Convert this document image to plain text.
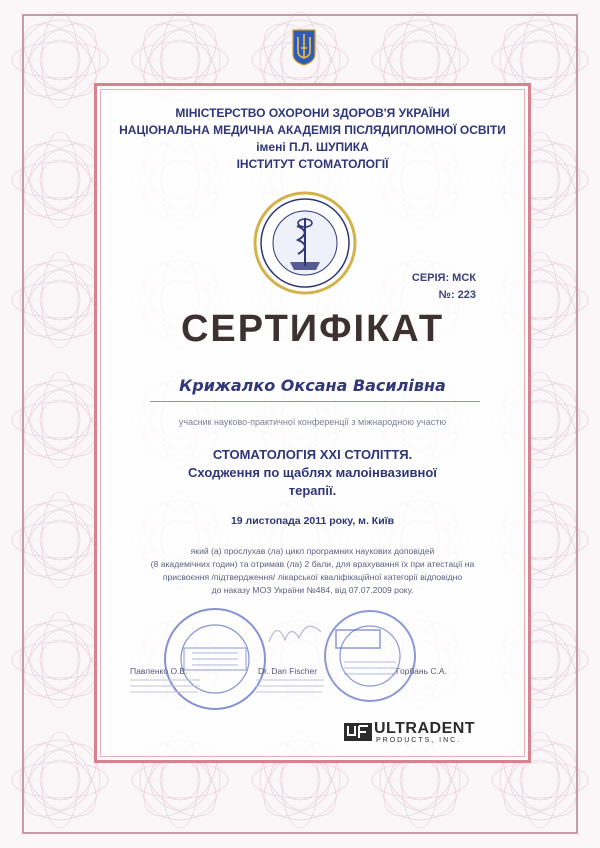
МІНІСТЕРСТВО ОХОРОНИ ЗДОРОВ'Я УКРАЇНИ
НАЦІОНАЛЬНА МЕДИЧНА АКАДЕМІЯ ПІСЛЯДИПЛОМНОЇ ОСВІТИ
імені П.Л. ШУПИКА
ІНСТИТУТ СТОМАТОЛОГІЇ
СЕРІЯ: МСК
№: 223
СЕРТИФІКАТ
Крижалко Оксана Василівна
учасник науково-практичної конференції з міжнародною участю
СТОМАТОЛОГІЯ XXI СТОЛІТТЯ.
Сходження по щаблях малоінвазивної
терапії.
19 листопада 2011 року, м. Київ
який (а) прослухав (ла) цикл програмних наукових доповідей
(8 академічних годин) та отримав (ла) 2 бали, для врахування їх при атестації на
присвоєння /підтвердження/ лікарської кваліфікаційної категорії відповідно
до наказу МОЗ України №484, від 07.07.2009 року.
Павленко О.В.	Dr. Dan Fischer	Горбань С.А.
ULTRADENT
PRODUCTS, INC.
